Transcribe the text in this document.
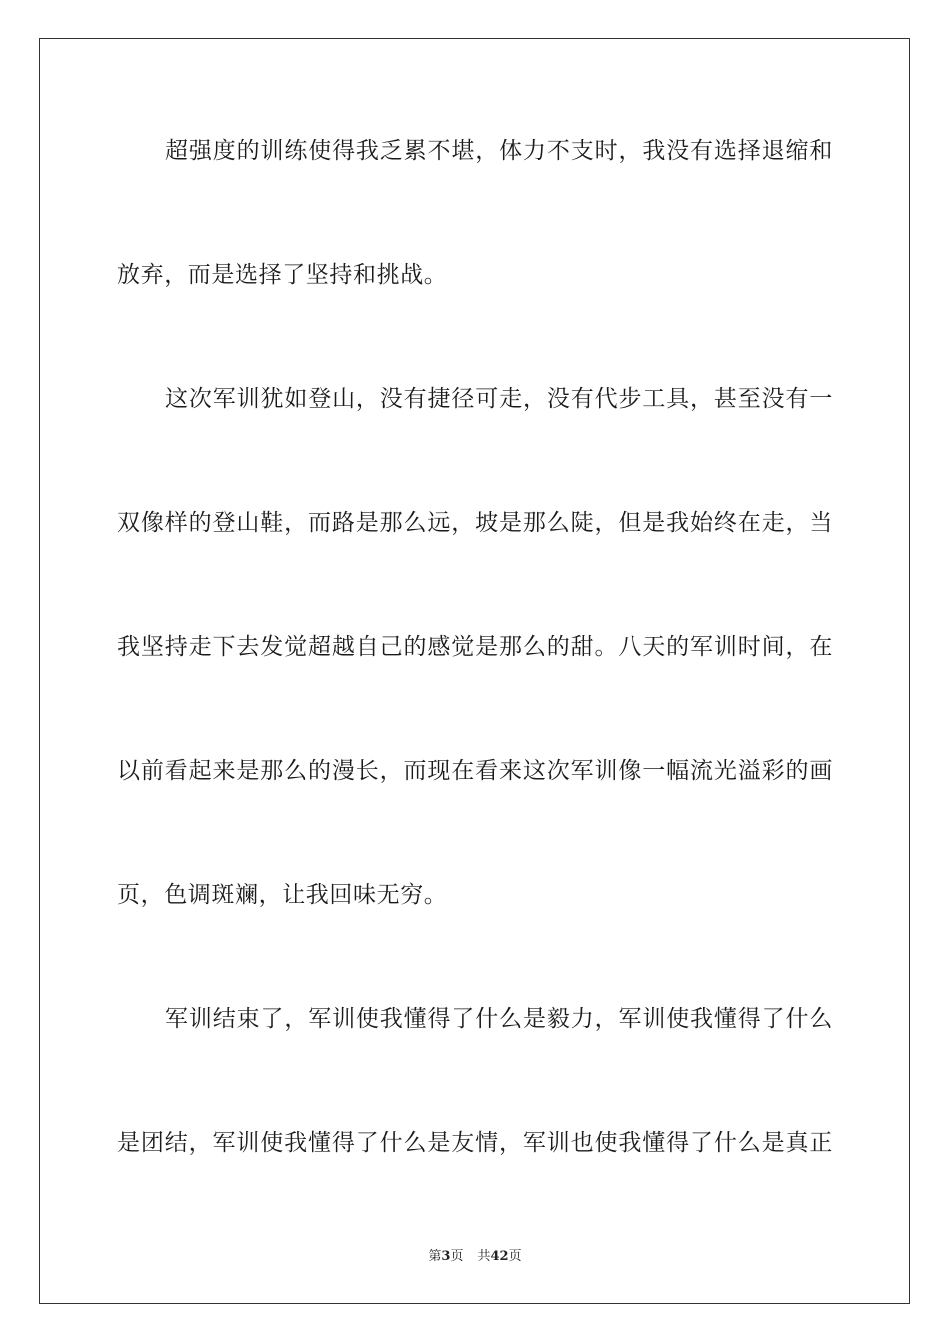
超强度的训练使得我乏累不堪，体力不支时，我没有选择退缩和
放弃，而是选择了坚持和挑战。
这次军训犹如登山，没有捷径可走，没有代步工具，甚至没有一
双像样的登山鞋，而路是那么远，坡是那么陡，但是我始终在走，当
我坚持走下去发觉超越自己的感觉是那么的甜。八天的军训时间，在
以前看起来是那么的漫长，而现在看来这次军训像一幅流光溢彩的画
页，色调斑斓，让我回味无穷。
军训结束了，军训使我懂得了什么是毅力，军训使我懂得了什么
是团结，军训使我懂得了什么是友情，军训也使我懂得了什么是真正
第3页 共42页
